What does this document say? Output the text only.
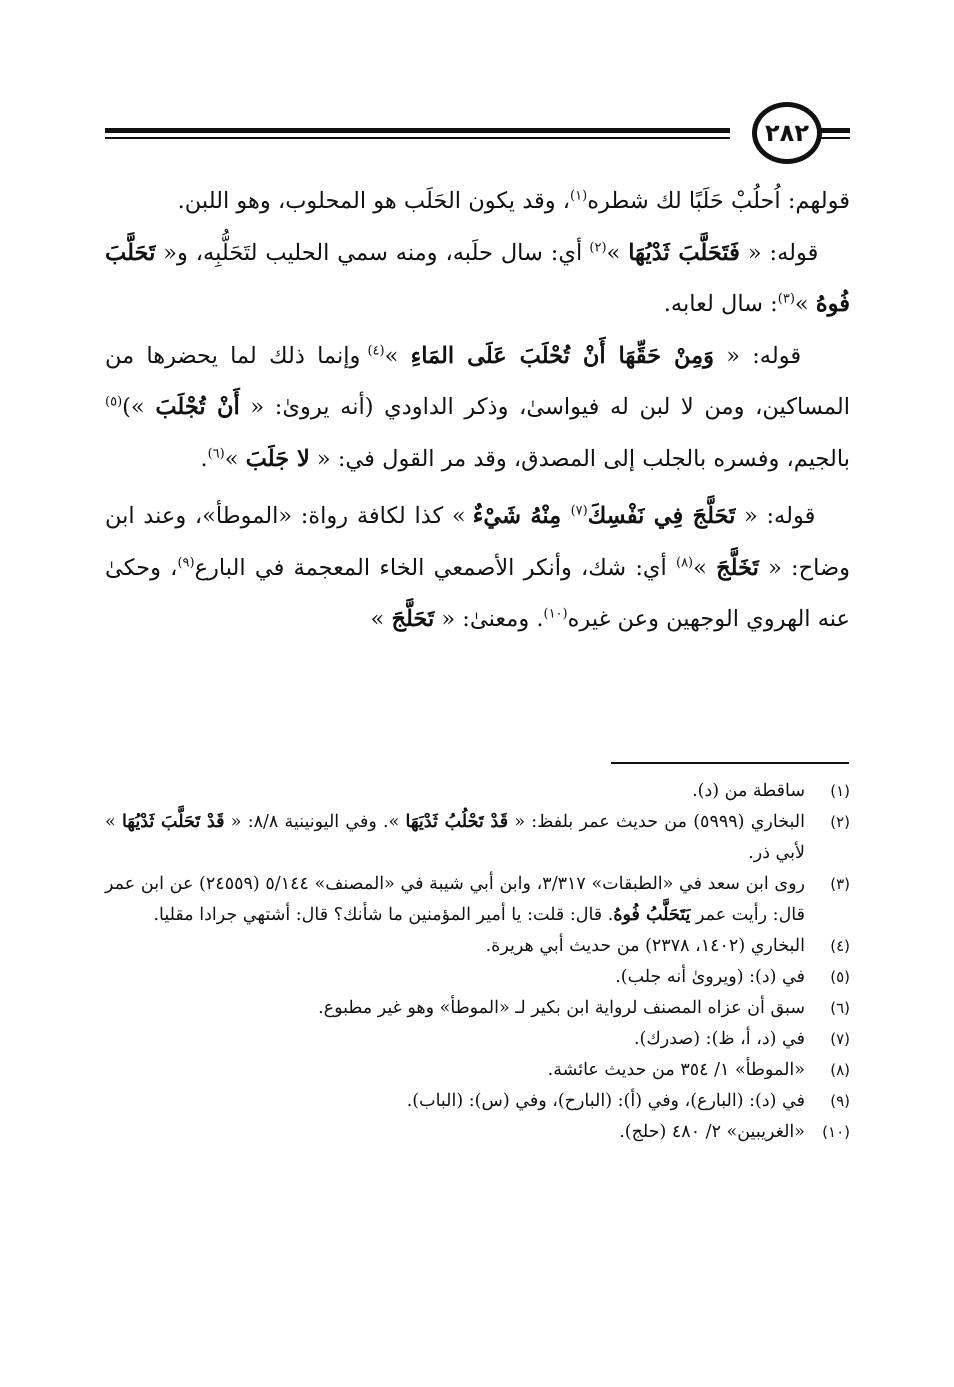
٢٨٢

قولهم: اُحلُبْ حَلَبًا لك شطره$^{(١)}$، وقد يكون الحَلَب هو المحلوب، وهو اللبن.

قوله: « فَتَحَلَّبَ ثَدْيُهَا »$^{(٢)}$ أي: سال حلَبه، ومنه سمي الحليب لتَحَلُّبِه، و« تَحَلَّبَ فُوهُ »$^{(٣)}$: سال لعابه.

قوله: « وَمِنْ حَقِّهَا أَنْ تُحْلَبَ عَلَى المَاءِ »$^{(٤)}$ وإنما ذلك لما يحضرها من المساكين، ومن لا لبن له فيواسىٰ، وذكر الداودي (أنه يروىٰ: « أَنْ تُجْلَبَ »)$^{(٥)}$ بالجيم، وفسره بالجلب إلى المصدق، وقد مر القول في: « لا جَلَبَ »$^{(٦)}$.

قوله: « تَحَلَّجَ فِي نَفْسِكَ$^{(٧)}$ مِنْهُ شَيْءٌ » كذا لكافة رواة: «الموطأ»، وعند ابن وضاح: « تَخَلَّجَ »$^{(٨)}$ أي: شك، وأنكر الأصمعي الخاء المعجمة في البارع$^{(٩)}$، وحكىٰ عنه الهروي الوجهين وعن غيره$^{(١٠)}$. ومعنىٰ: « تَحَلَّجَ »

(١)
ساقطة من (د).
(٢)
البخاري (٥٩٩٩) من حديث عمر بلفظ: « قَدْ تَحْلُبُ ثَدْيَهَا ». وفي اليونينية ٨/٨: « قَدْ تَحَلَّبَ ثَدْيُهَا » لأبي ذر.
(٣)
روى ابن سعد في «الطبقات» ٣/٣١٧، وابن أبي شيبة في «المصنف» ٥/١٤٤ (٢٤٥٥٩) عن ابن عمر قال: رأيت عمر يَتَحَلَّبُ فُوهُ. قال: قلت: يا أمير المؤمنين ما شأنك؟ قال: أشتهي جرادا مقليا.
(٤)
البخاري (١٤٠٢، ٢٣٧٨) من حديث أبي هريرة.
(٥)
في (د): (ويروىٰ أنه جلب).
(٦)
سبق أن عزاه المصنف لرواية ابن بكير لـ «الموطأ» وهو غير مطبوع.
(٧)
في (د، أ، ظ): (صدرك).
(٨)
«الموطأ» ١/ ٣٥٤ من حديث عائشة.
(٩)
في (د): (البارع)، وفي (أ): (البارح)، وفي (س): (الباب).
(١٠)
«الغريبين» ٢/ ٤٨٠ (حلج).
